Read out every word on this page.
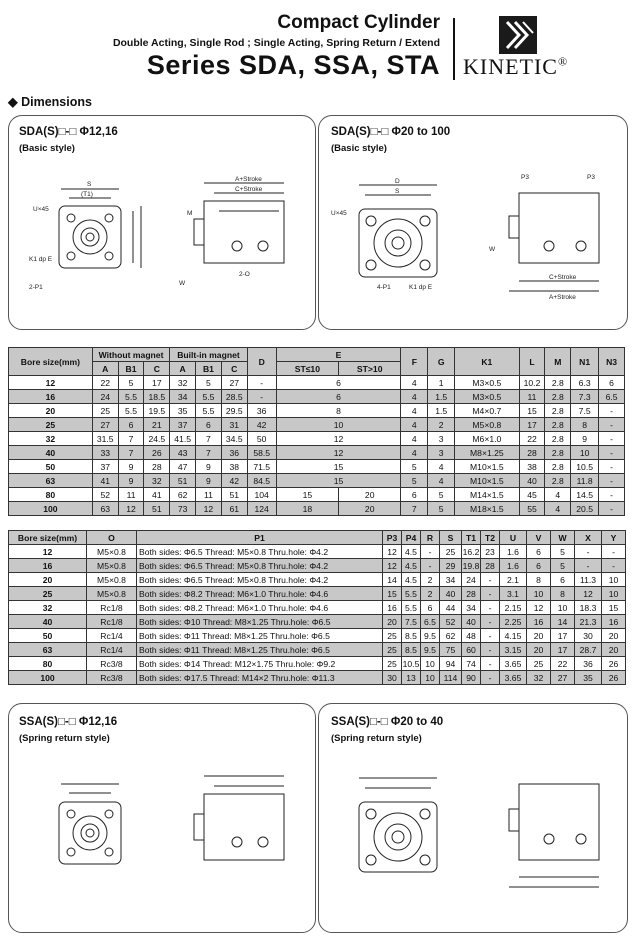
Compact Cylinder
Double Acting, Single Rod ; Single Acting, Spring Return / Extend
Series SDA, SSA, STA KINETIC®
◆ Dimensions
SDA(S)□-□ Φ12,16
(Basic style)
S
(T1)
U×45
K1 dp E
2-P1
A+Stroke
C+Stroke
M
2-O
W
SDA(S)□-□ Φ20 to 100
(Basic style)
D
S
U×45
4-P1	K1 dp E
P3	P3
W
C+Stroke
A+Stroke
Bore size(mm)	Without magnet			Built-in magnet			D	E		F	G	K1	L	M	N1	N3
	A	B1	C	A	B1	C		ST≤10	ST>10							
12	22	5	17	32	5	27	-	6		4	1	M3×0.5	10.2	2.8	6.3	6
16	24	5.5	18.5	34	5.5	28.5	-	6		4	1.5	M3×0.5	11	2.8	7.3	6.5
20	25	5.5	19.5	35	5.5	29.5	36	8		4	1.5	M4×0.7	15	2.8	7.5	-
25	27	6	21	37	6	31	42	10		4	2	M5×0.8	17	2.8	8	-
32	31.5	7	24.5	41.5	7	34.5	50	12		4	3	M6×1.0	22	2.8	9	-
40	33	7	26	43	7	36	58.5	12		4	3	M8×1.25	28	2.8	10	-
50	37	9	28	47	9	38	71.5	15		5	4	M10×1.5	38	2.8	10.5	-
63	41	9	32	51	9	42	84.5	15		5	4	M10×1.5	40	2.8	11.8	-
80	52	11	41	62	11	51	104	15	20	6	5	M14×1.5	45	4	14.5	-
100	63	12	51	73	12	61	124	18	20	7	5	M18×1.5	55	4	20.5	-
Bore size(mm)	O	P1	P3	P4	R	S	T1	T2	U	V	W	X	Y
12	M5×0.8	Both sides: Φ6.5 Thread: M5×0.8 Thru.hole: Φ4.2	12	4.5	-	25	16.2	23	1.6	6	5	-	-
16	M5×0.8	Both sides: Φ6.5 Thread: M5×0.8 Thru.hole: Φ4.2	12	4.5	-	29	19.8	28	1.6	6	5	-	-
20	M5×0.8	Both sides: Φ6.5 Thread: M5×0.8 Thru.hole: Φ4.2	14	4.5	2	34	24	-	2.1	8	6	11.3	10
25	M5×0.8	Both sides: Φ8.2 Thread: M6×1.0 Thru.hole: Φ4.6	15	5.5	2	40	28	-	3.1	10	8	12	10
32	Rc1/8	Both sides: Φ8.2 Thread: M6×1.0 Thru.hole: Φ4.6	16	5.5	6	44	34	-	2.15	12	10	18.3	15
40	Rc1/8	Both sides: Φ10 Thread: M8×1.25 Thru.hole: Φ6.5	20	7.5	6.5	52	40	-	2.25	16	14	21.3	16
50	Rc1/4	Both sides: Φ11 Thread: M8×1.25 Thru.hole: Φ6.5	25	8.5	9.5	62	48	-	4.15	20	17	30	20
63	Rc1/4	Both sides: Φ11 Thread: M8×1.25 Thru.hole: Φ6.5	25	8.5	9.5	75	60	-	3.15	20	17	28.7	20
80	Rc3/8	Both sides: Φ14 Thread: M12×1.75 Thru.hole: Φ9.2	25	10.5	10	94	74	-	3.65	25	22	36	26
100	Rc3/8	Both sides: Φ17.5 Thread: M14×2 Thru.hole: Φ11.3	30	13	10	114	90	-	3.65	32	27	35	26
SSA(S)□-□ Φ12,16
(Spring return style)
SSA(S)□-□ Φ20 to 40
(Spring return style)
